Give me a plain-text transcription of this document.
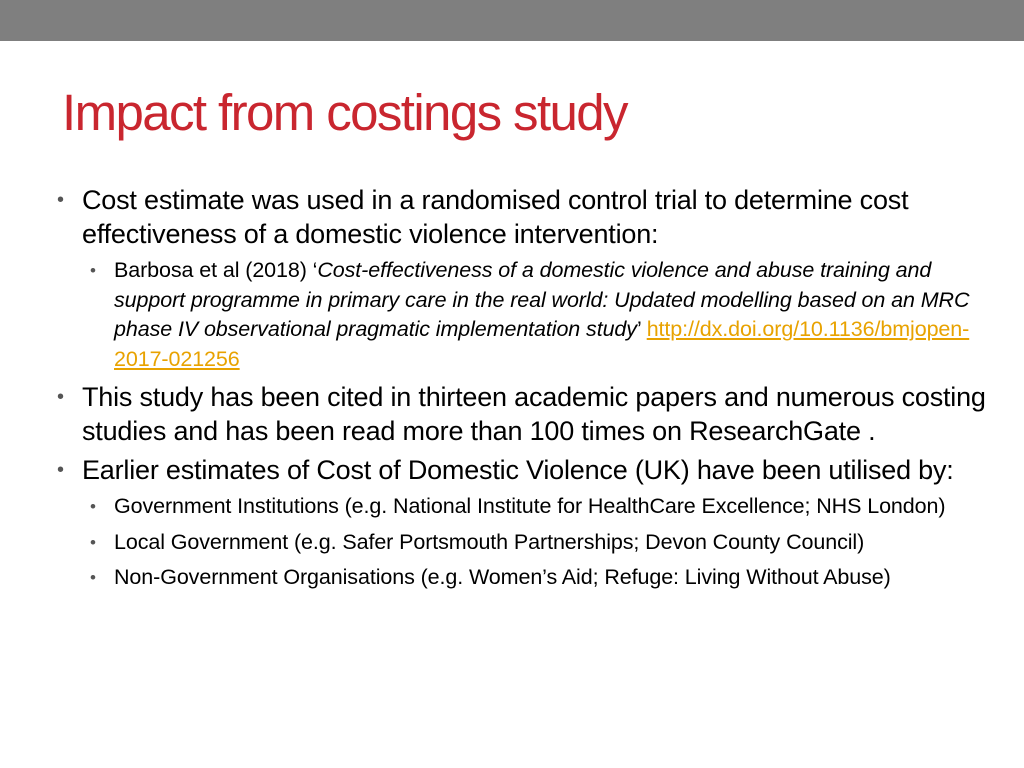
Impact from costings study
• Cost estimate was used in a randomised control trial to determine cost effectiveness of a domestic violence intervention:
• Barbosa et al (2018) ‘Cost-effectiveness of a domestic violence and abuse training and support programme in primary care in the real world: Updated modelling based on an MRC phase IV observational pragmatic implementation study’ http://dx.doi.org/10.1136/bmjopen-2017-021256
• This study has been cited in thirteen academic papers and numerous costing studies and has been read more than 100 times on ResearchGate .
• Earlier estimates of Cost of Domestic Violence (UK) have been utilised by:
• Government Institutions (e.g. National Institute for HealthCare Excellence; NHS London)
• Local Government (e.g. Safer Portsmouth Partnerships; Devon County Council)
• Non-Government Organisations (e.g. Women’s Aid; Refuge: Living Without Abuse)
